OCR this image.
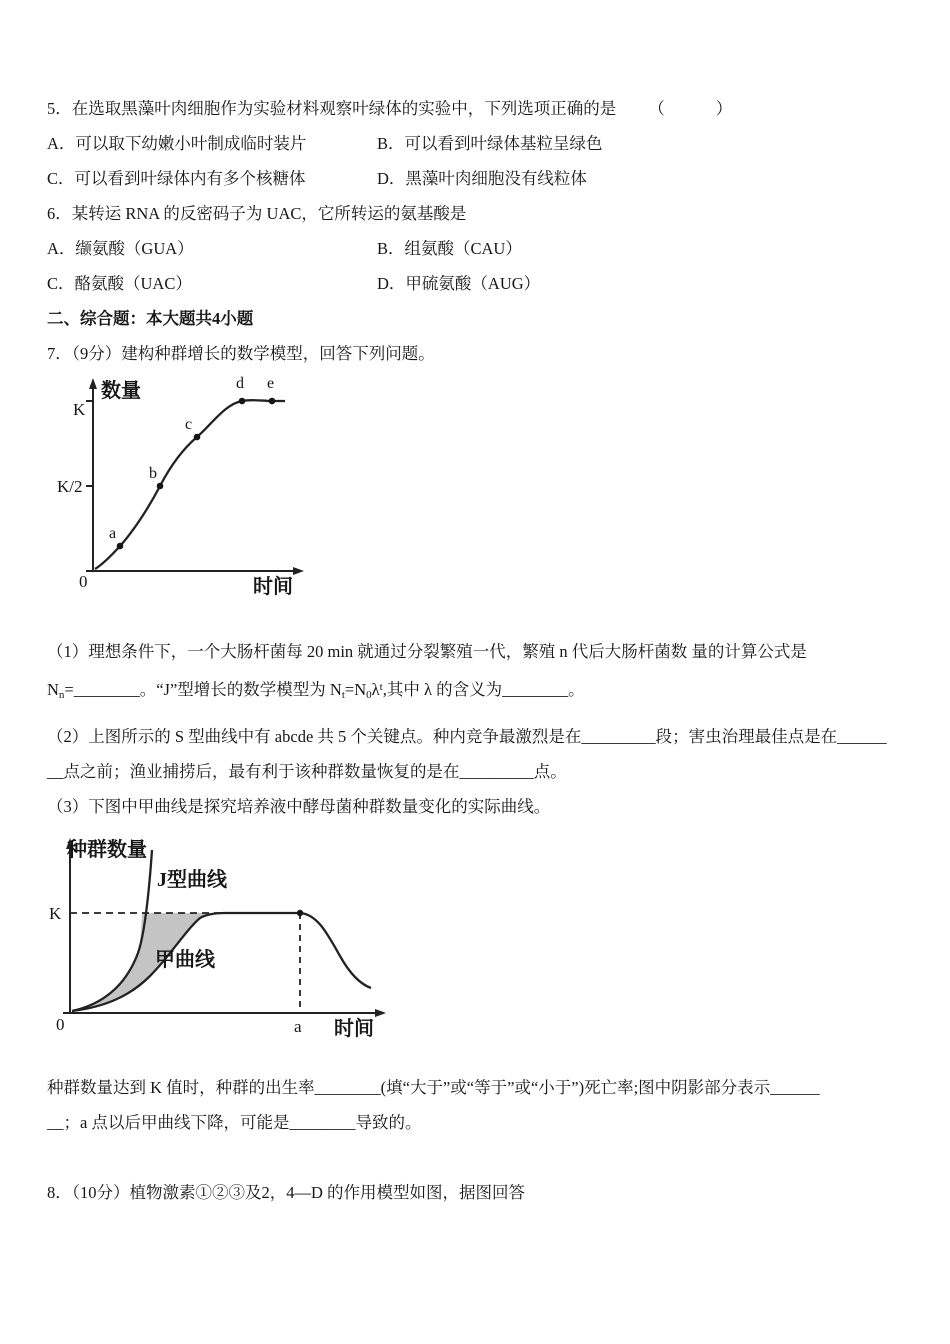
5．在选取黑藻叶肉细胞作为实验材料观察叶绿体的实验中，下列选项正确的是 （　　）

A．可以取下幼嫩小叶制成临时装片	B．可以看到叶绿体基粒呈绿色
C．可以看到叶绿体内有多个核糖体	D．黑藻叶肉细胞没有线粒体

6．某转运 RNA 的反密码子为 UAC，它所转运的氨基酸是

A．缬氨酸（GUA）	B．组氨酸（CAU）
C．酪氨酸（UAC）	D．甲硫氨酸（AUG）

二、综合题：本大题共4小题

7．（9分）建构种群增长的数学模型，回答下列问题。

数量
K
K/2
0	时间
a
b
c
d e

（1）理想条件下，一个大肠杆菌每 20 min 就通过分裂繁殖一代，繁殖 n 代后大肠杆菌数 量的计算公式是

$N_n=\_\_\_\_\_\_\_\_$。“J”型增长的数学模型为 $N_t=N_0\lambda^t$,其中 λ 的含义为________。

（2）上图所示的 S 型曲线中有 abcde 共 5 个关键点。种内竞争最激烈是在_________段；害虫治理最佳点是在______

__点之前；渔业捕捞后，最有利于该种群数量恢复的是在_________点。

（3）下图中甲曲线是探究培养液中酵母菌种群数量变化的实际曲线。

种群数量
K
J型曲线
甲曲线
0	a 时间

种群数量达到 K 值时，种群的出生率________(填“大于”或“等于”或“小于”)死亡率;图中阴影部分表示______

__；a 点以后甲曲线下降，可能是________导致的。

8．（10分）植物激素①②③及2，4—D 的作用模型如图，据图回答
